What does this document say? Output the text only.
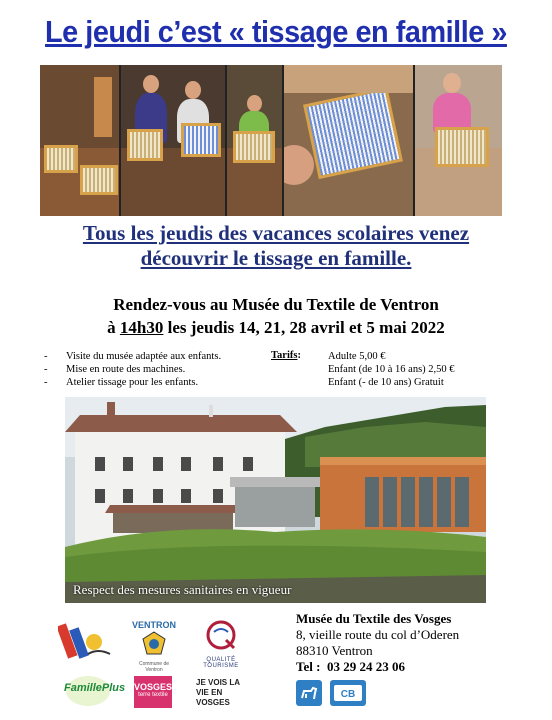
Le jeudi c’est « tissage en famille »
Tous les jeudis des vacances scolaires venez
découvrir le tissage en famille.
Rendez-vous au Musée du Textile de Ventron
à 14h30 les jeudis 14, 21, 28 avril et 5 mai 2022
-	Visite du musée adaptée aux enfants.
-	Mise en route des machines.
-	Atelier tissage pour les enfants.
Tarifs:	Adulte 5,00 €
Enfant (de 10 à 16 ans) 2,50 €
Enfant (- de 10 ans) Gratuit
Respect des mesures sanitaires en vigueur
VENTRON
Commune de Ventron
QUALITÉ TOURISME
FamillePlus VOSGES
terre textile
JE VOIS LA VIE EN VOSGES
Musée du Textile des Vosges
8, vieille route du col d’Oderen
88310 Ventron
Tel : 03 29 24 23 06
CB
